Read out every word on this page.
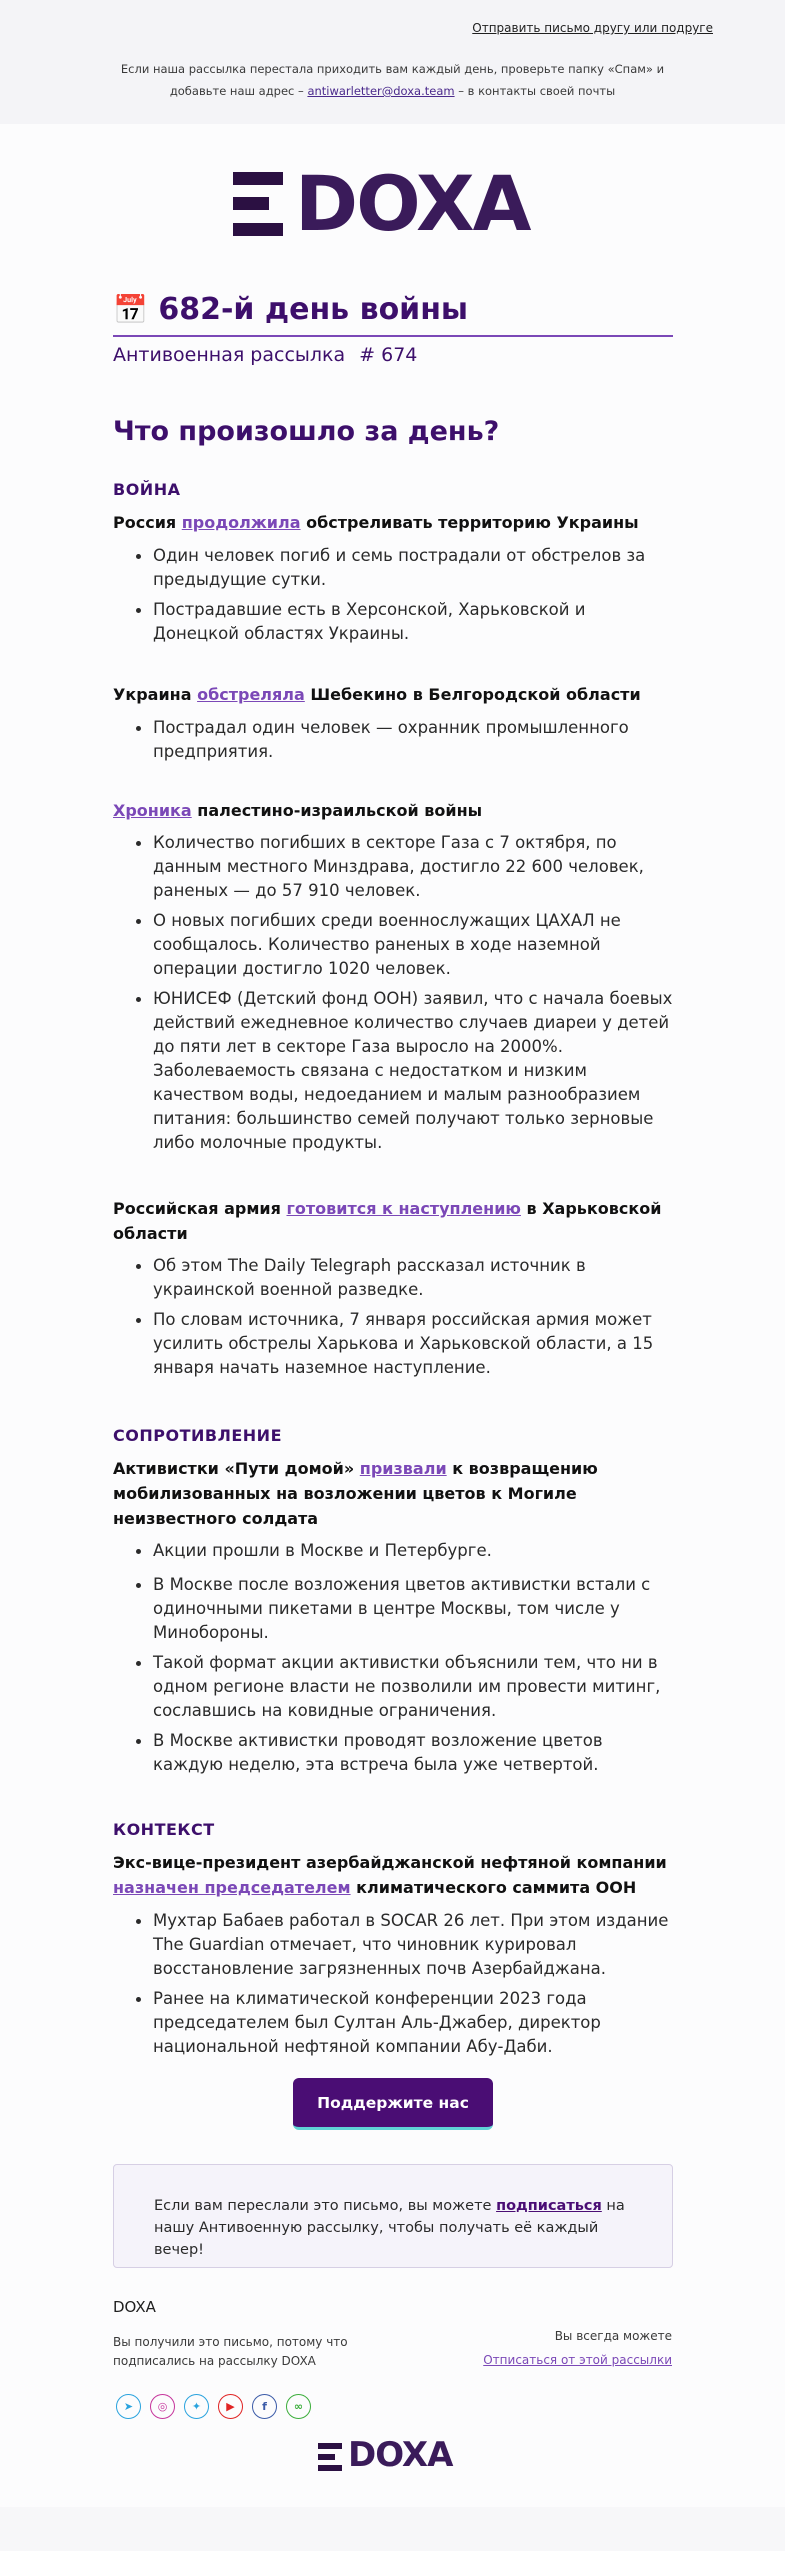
Отправить письмо другу или подруге
Если наша рассылка перестала приходить вам каждый день, проверьте папку «Спам» и добавьте наш адрес – antiwarletter@doxa.team – в контакты своей почты
DOXA
📅 682-й день войны
Антивоенная рассылка # 674
Что произошло за день?
ВОЙНА
Россия продолжила обстреливать территорию Украины
Один человек погиб и семь пострадали от обстрелов за предыдущие сутки.
Пострадавшие есть в Херсонской, Харьковской и Донецкой областях Украины.
Украина обстреляла Шебекино в Белгородской области
Пострадал один человек — охранник промышленного предприятия.
Хроника палестино-израильской войны
Количество погибших в секторе Газа с 7 октября, по данным местного Минздрава, достигло 22 600 человек, раненых — до 57 910 человек.
О новых погибших среди военнослужащих ЦАХАЛ не сообщалось. Количество раненых в ходе наземной операции достигло 1020 человек.
ЮНИСЕФ (Детский фонд ООН) заявил, что с начала боевых действий ежедневное количество случаев диареи у детей до пяти лет в секторе Газа выросло на 2000%. Заболеваемость связана с недостатком и низким качеством воды, недоеданием и малым разнообразием питания: большинство семей получают только зерновые либо молочные продукты.
Российская армия готовится к наступлению в Харьковской области
Об этом The Daily Telegraph рассказал источник в украинской военной разведке.
По словам источника, 7 января российская армия может усилить обстрелы Харькова и Харьковской области, а 15 января начать наземное наступление.
СОПРОТИВЛЕНИЕ
Активистки «Пути домой» призвали к возвращению мобилизованных на возложении цветов к Могиле неизвестного солдата
Акции прошли в Москве и Петербурге.
В Москве после возложения цветов активистки встали с одиночными пикетами в центре Москвы, том числе у Минобороны.
Такой формат акции активистки объяснили тем, что ни в одном регионе власти не позволили им провести митинг, сославшись на ковидные ограничения.
В Москве активистки проводят возложение цветов каждую неделю, эта встреча была уже четвертой.
КОНТЕКСТ
Экс-вице-президент азербайджанской нефтяной компании назначен председателем климатического саммита ООН
Мухтар Бабаев работал в SOCAR 26 лет. При этом издание The Guardian отмечает, что чиновник курировал восстановление загрязненных почв Азербайджана.
Ранее на климатической конференции 2023 года председателем был Султан Аль-Джабер, директор национальной нефтяной компании Абу-Даби.
Поддержите нас
Если вам переслали это письмо, вы можете подписаться на нашу Антивоенную рассылку, чтобы получать её каждый вечер!
DOXA
Вы получили это письмо, потому что подписались на рассылку DOXA
Вы всегда можете
Отписаться от этой рассылки
➤ ◎ ✦ ▶ f ∞
DOXA
